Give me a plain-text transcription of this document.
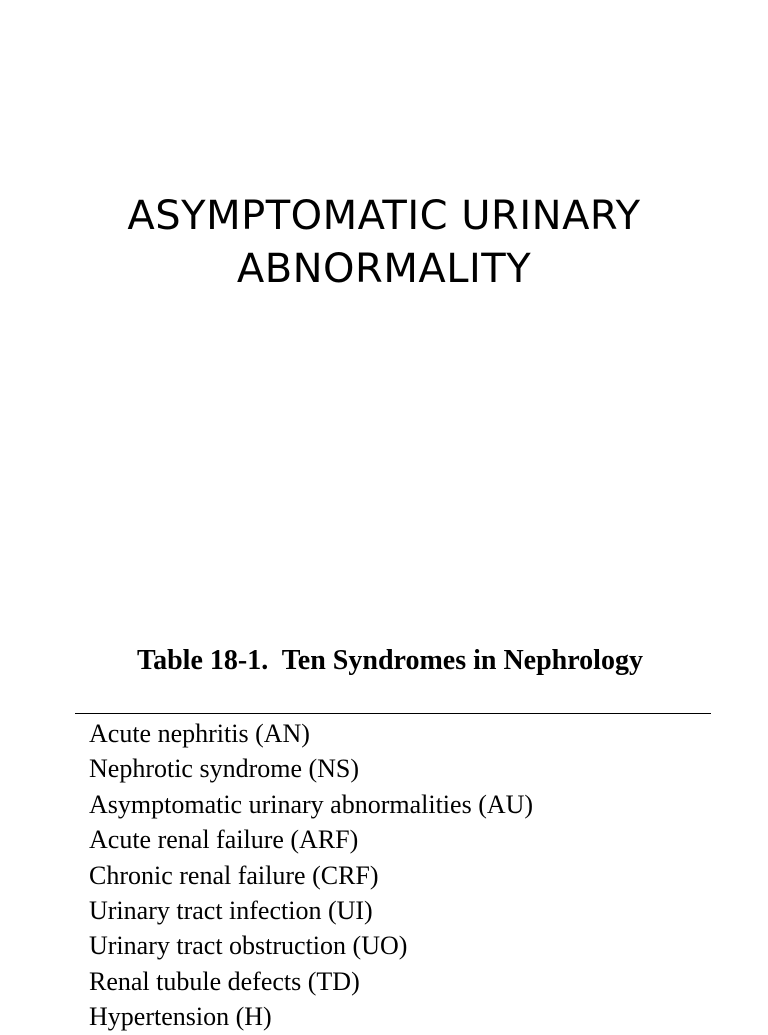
ASYMPTOMATIC URINARY
ABNORMALITY
Table 18-1.  Ten Syndromes in Nephrology
Acute nephritis (AN)
Nephrotic syndrome (NS)
Asymptomatic urinary abnormalities (AU)
Acute renal failure (ARF)
Chronic renal failure (CRF)
Urinary tract infection (UI)
Urinary tract obstruction (UO)
Renal tubule defects (TD)
Hypertension (H)
